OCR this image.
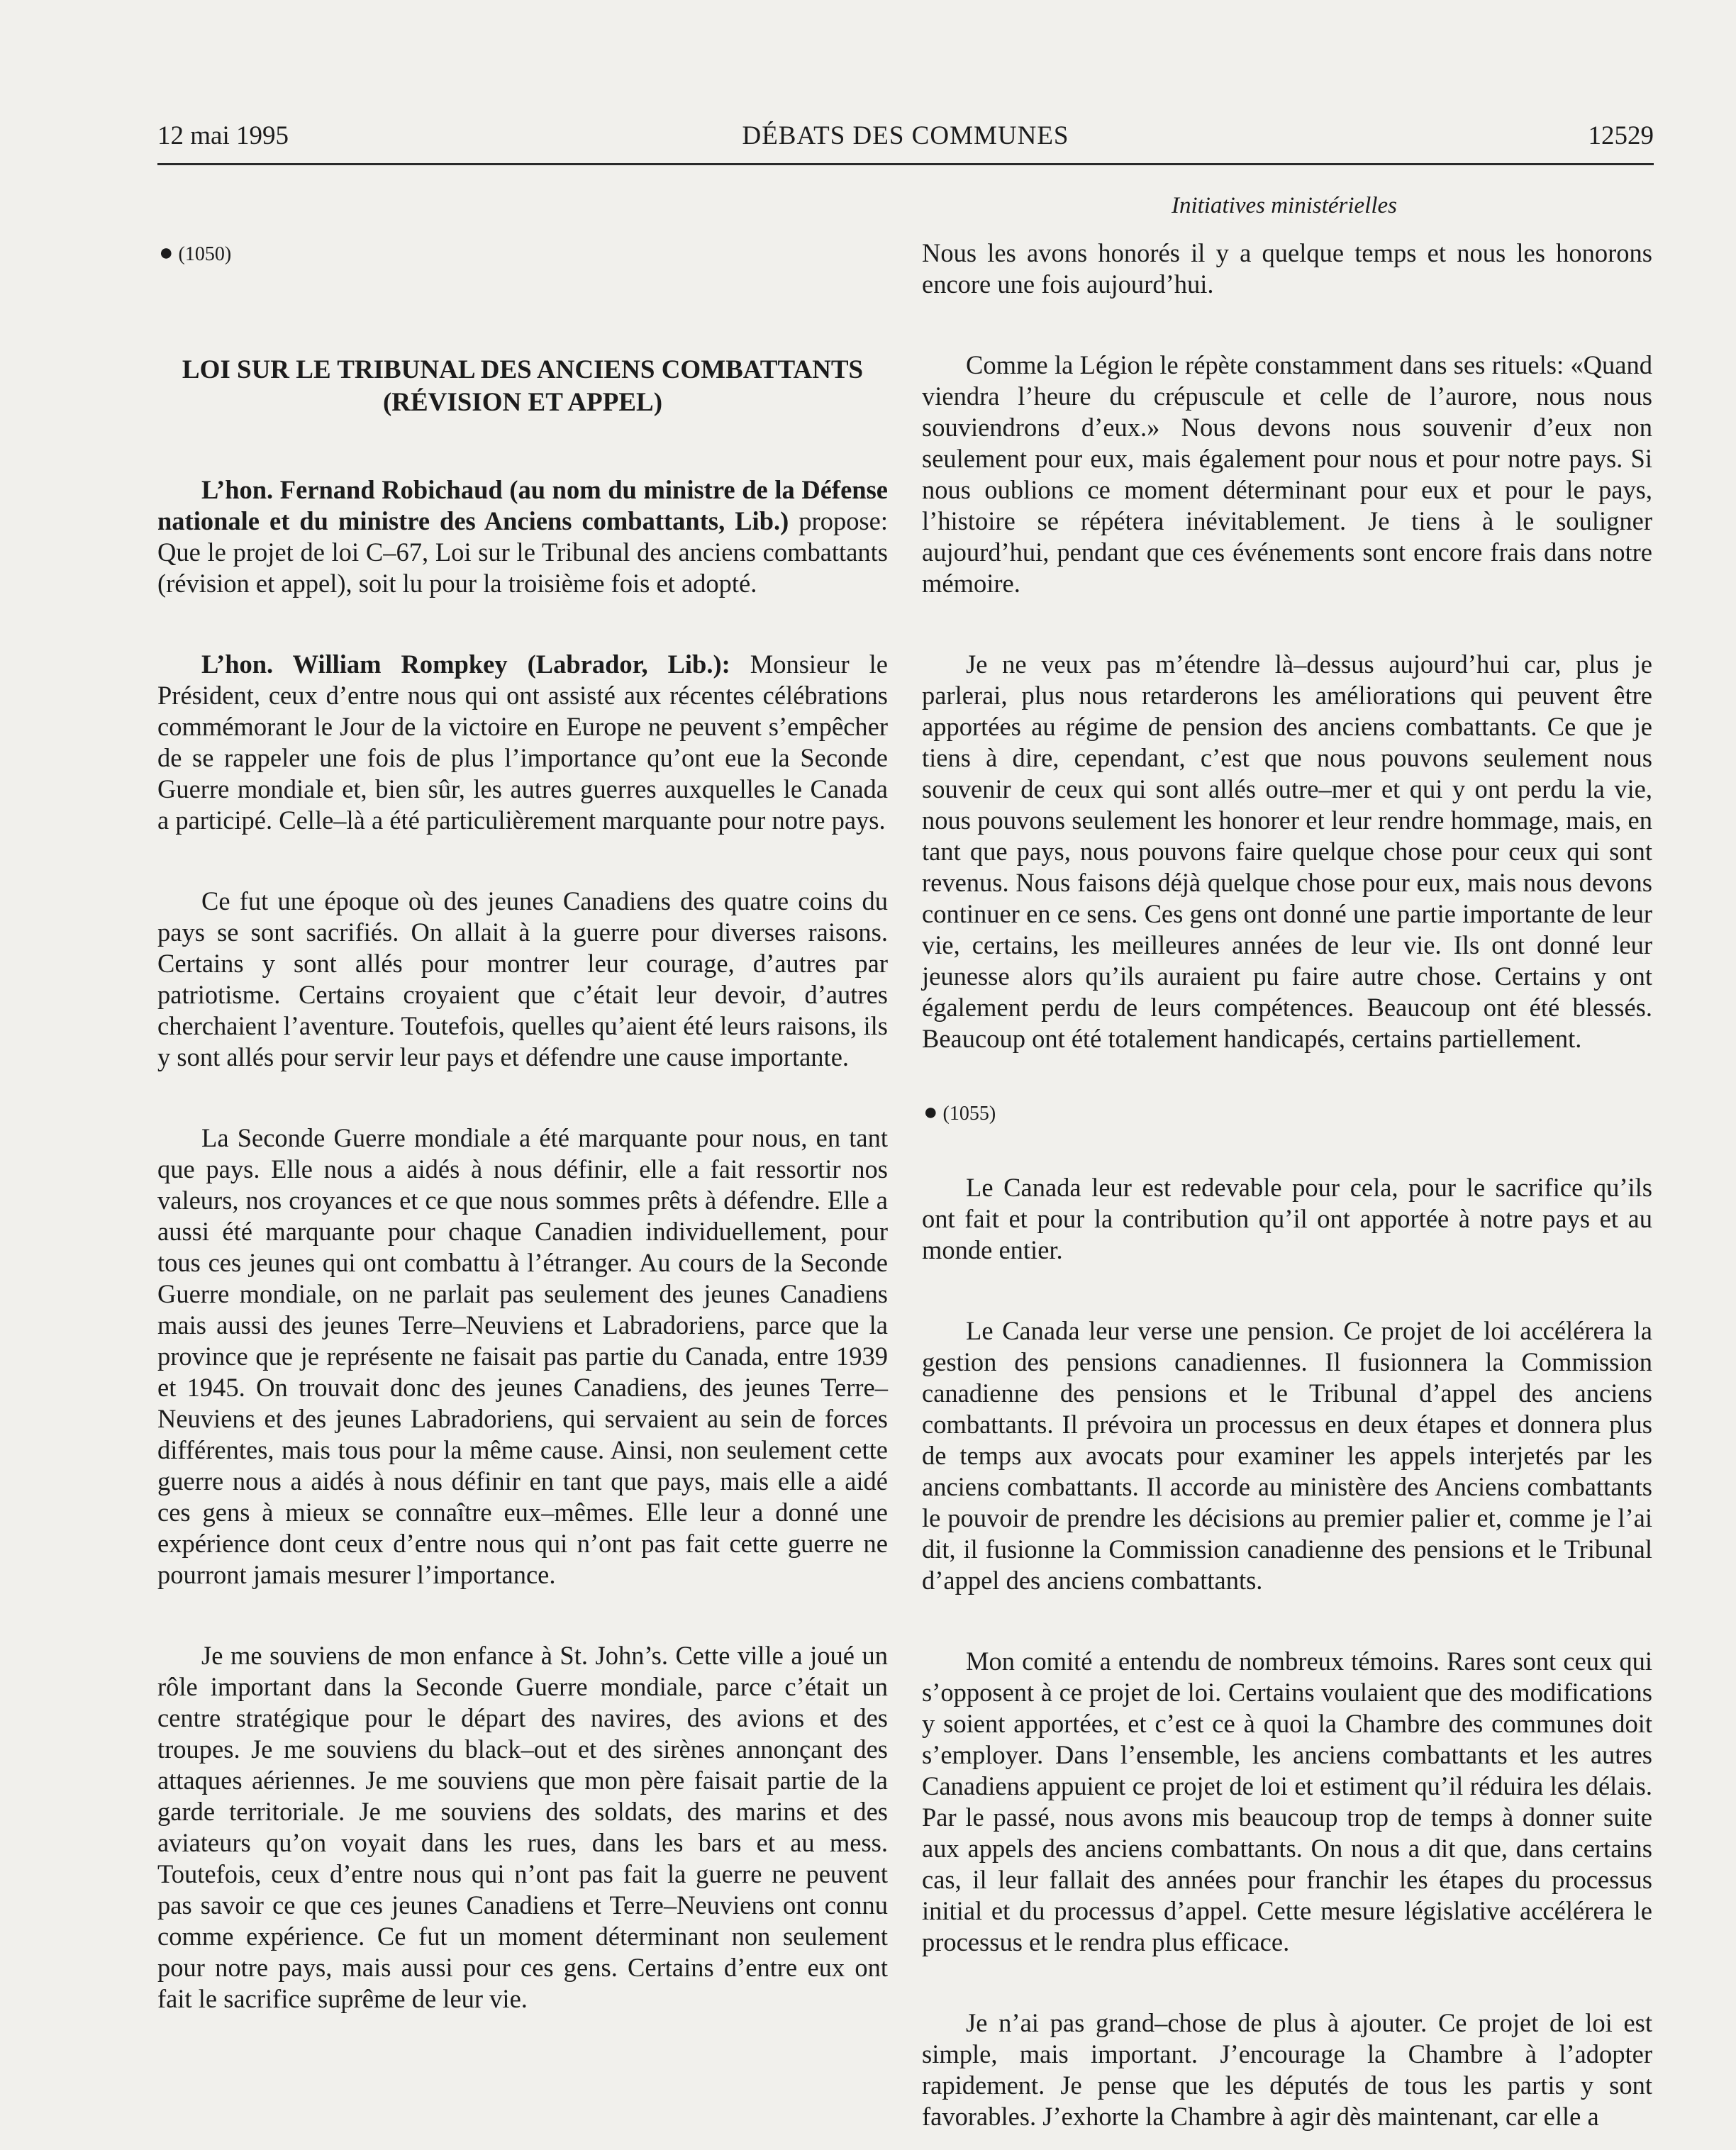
12 mai 1995	DÉBATS DES COMMUNES	12529
Initiatives ministérielles
● (1050)
LOI SUR LE TRIBUNAL DES ANCIENS COMBATTANTS
(RÉVISION ET APPEL)

L’hon. Fernand Robichaud (au nom du ministre de la Défense nationale et du ministre des Anciens combattants, Lib.) propose: Que le projet de loi C–67, Loi sur le Tribunal des anciens combattants (révision et appel), soit lu pour la troisième fois et adopté.

L’hon. William Rompkey (Labrador, Lib.): Monsieur le Président, ceux d’entre nous qui ont assisté aux récentes célébrations commémorant le Jour de la victoire en Europe ne peuvent s’empêcher de se rappeler une fois de plus l’importance qu’ont eue la Seconde Guerre mondiale et, bien sûr, les autres guerres auxquelles le Canada a participé. Celle–là a été particulièrement marquante pour notre pays.

Ce fut une époque où des jeunes Canadiens des quatre coins du pays se sont sacrifiés. On allait à la guerre pour diverses raisons. Certains y sont allés pour montrer leur courage, d’autres par patriotisme. Certains croyaient que c’était leur devoir, d’autres cherchaient l’aventure. Toutefois, quelles qu’aient été leurs raisons, ils y sont allés pour servir leur pays et défendre une cause importante.

La Seconde Guerre mondiale a été marquante pour nous, en tant que pays. Elle nous a aidés à nous définir, elle a fait ressortir nos valeurs, nos croyances et ce que nous sommes prêts à défendre. Elle a aussi été marquante pour chaque Canadien individuellement, pour tous ces jeunes qui ont combattu à l’étranger. Au cours de la Seconde Guerre mondiale, on ne parlait pas seulement des jeunes Canadiens mais aussi des jeunes Terre–Neuviens et Labradoriens, parce que la province que je représente ne faisait pas partie du Canada, entre 1939 et 1945. On trouvait donc des jeunes Canadiens, des jeunes Terre–Neuviens et des jeunes Labradoriens, qui servaient au sein de forces différentes, mais tous pour la même cause. Ainsi, non seulement cette guerre nous a aidés à nous définir en tant que pays, mais elle a aidé ces gens à mieux se connaître eux–mêmes. Elle leur a donné une expérience dont ceux d’entre nous qui n’ont pas fait cette guerre ne pourront jamais mesurer l’importance.

Je me souviens de mon enfance à St. John’s. Cette ville a joué un rôle important dans la Seconde Guerre mondiale, parce c’était un centre stratégique pour le départ des navires, des avions et des troupes. Je me souviens du black–out et des sirènes annonçant des attaques aériennes. Je me souviens que mon père faisait partie de la garde territoriale. Je me souviens des soldats, des marins et des aviateurs qu’on voyait dans les rues, dans les bars et au mess. Toutefois, ceux d’entre nous qui n’ont pas fait la guerre ne peuvent pas savoir ce que ces jeunes Canadiens et Terre–Neuviens ont connu comme expérience. Ce fut un moment déterminant non seulement pour notre pays, mais aussi pour ces gens. Certains d’entre eux ont fait le sacrifice suprême de leur vie.

Nous les avons honorés il y a quelque temps et nous les honorons encore une fois aujourd’hui.

Comme la Légion le répète constamment dans ses rituels: «Quand viendra l’heure du crépuscule et celle de l’aurore, nous nous souviendrons d’eux.» Nous devons nous souvenir d’eux non seulement pour eux, mais également pour nous et pour notre pays. Si nous oublions ce moment déterminant pour eux et pour le pays, l’histoire se répétera inévitablement. Je tiens à le souligner aujourd’hui, pendant que ces événements sont encore frais dans notre mémoire.

Je ne veux pas m’étendre là–dessus aujourd’hui car, plus je parlerai, plus nous retarderons les améliorations qui peuvent être apportées au régime de pension des anciens combattants. Ce que je tiens à dire, cependant, c’est que nous pouvons seulement nous souvenir de ceux qui sont allés outre–mer et qui y ont perdu la vie, nous pouvons seulement les honorer et leur rendre hommage, mais, en tant que pays, nous pouvons faire quelque chose pour ceux qui sont revenus. Nous faisons déjà quelque chose pour eux, mais nous devons continuer en ce sens. Ces gens ont donné une partie importante de leur vie, certains, les meilleures années de leur vie. Ils ont donné leur jeunesse alors qu’ils auraient pu faire autre chose. Certains y ont également perdu de leurs compétences. Beaucoup ont été blessés. Beaucoup ont été totalement handicapés, certains partiellement.

● (1055)

Le Canada leur est redevable pour cela, pour le sacrifice qu’ils ont fait et pour la contribution qu’il ont apportée à notre pays et au monde entier.

Le Canada leur verse une pension. Ce projet de loi accélérera la gestion des pensions canadiennes. Il fusionnera la Commission canadienne des pensions et le Tribunal d’appel des anciens combattants. Il prévoira un processus en deux étapes et donnera plus de temps aux avocats pour examiner les appels interjetés par les anciens combattants. Il accorde au ministère des Anciens combattants le pouvoir de prendre les décisions au premier palier et, comme je l’ai dit, il fusionne la Commission canadienne des pensions et le Tribunal d’appel des anciens combattants.

Mon comité a entendu de nombreux témoins. Rares sont ceux qui s’opposent à ce projet de loi. Certains voulaient que des modifications y soient apportées, et c’est ce à quoi la Chambre des communes doit s’employer. Dans l’ensemble, les anciens combattants et les autres Canadiens appuient ce projet de loi et estiment qu’il réduira les délais. Par le passé, nous avons mis beaucoup trop de temps à donner suite aux appels des anciens combattants. On nous a dit que, dans certains cas, il leur fallait des années pour franchir les étapes du processus initial et du processus d’appel. Cette mesure législative accélérera le processus et le rendra plus efficace.

Je n’ai pas grand–chose de plus à ajouter. Ce projet de loi est simple, mais important. J’encourage la Chambre à l’adopter rapidement. Je pense que les députés de tous les partis y sont favorables. J’exhorte la Chambre à agir dès maintenant, car elle a
